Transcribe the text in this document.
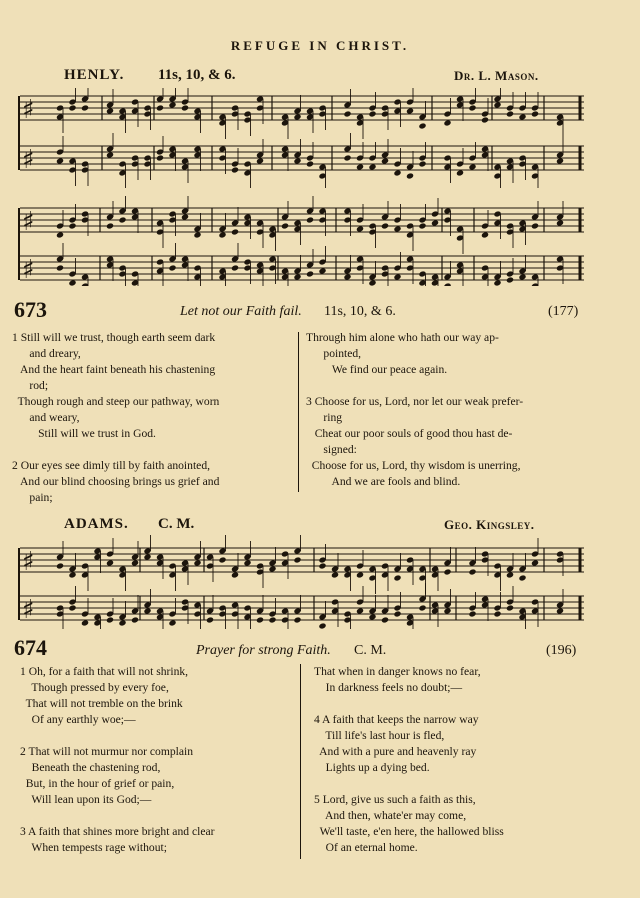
REFUGE IN CHRIST.
HENLY. 11s, 10, & 6.	Dr. L. Mason.
♯
♯
♯
♯
673	Let not our Faith fail. 11s, 10, & 6.	(177)
1 Still will we trust, though earth seem dark
and dreary,
And the heart faint beneath his chastening
rod;
Though rough and steep our pathway, worn
and weary,
Still will we trust in God.

2 Our eyes see dimly till by faith anointed,
And our blind choosing brings us grief and
pain;
Through him alone who hath our way ap-
pointed,
We find our peace again.

3 Choose for us, Lord, nor let our weak prefer-
ring
Cheat our poor souls of good thou hast de-
signed:
Choose for us, Lord, thy wisdom is unerring,
And we are fools and blind.
ADAMS. C. M.	Geo. Kingsley.
♯
♯
674	Prayer for strong Faith. C. M.	(196)
1 Oh, for a faith that will not shrink,
Though pressed by every foe,
That will not tremble on the brink
Of any earthly woe;—

2 That will not murmur nor complain
Beneath the chastening rod,
But, in the hour of grief or pain,
Will lean upon its God;—

3 A faith that shines more bright and clear
When tempests rage without;
That when in danger knows no fear,
In darkness feels no doubt;—

4 A faith that keeps the narrow way
Till life's last hour is fled,
And with a pure and heavenly ray
Lights up a dying bed.

5 Lord, give us such a faith as this,
And then, whate'er may come,
We'll taste, e'en here, the hallowed bliss
Of an eternal home.
